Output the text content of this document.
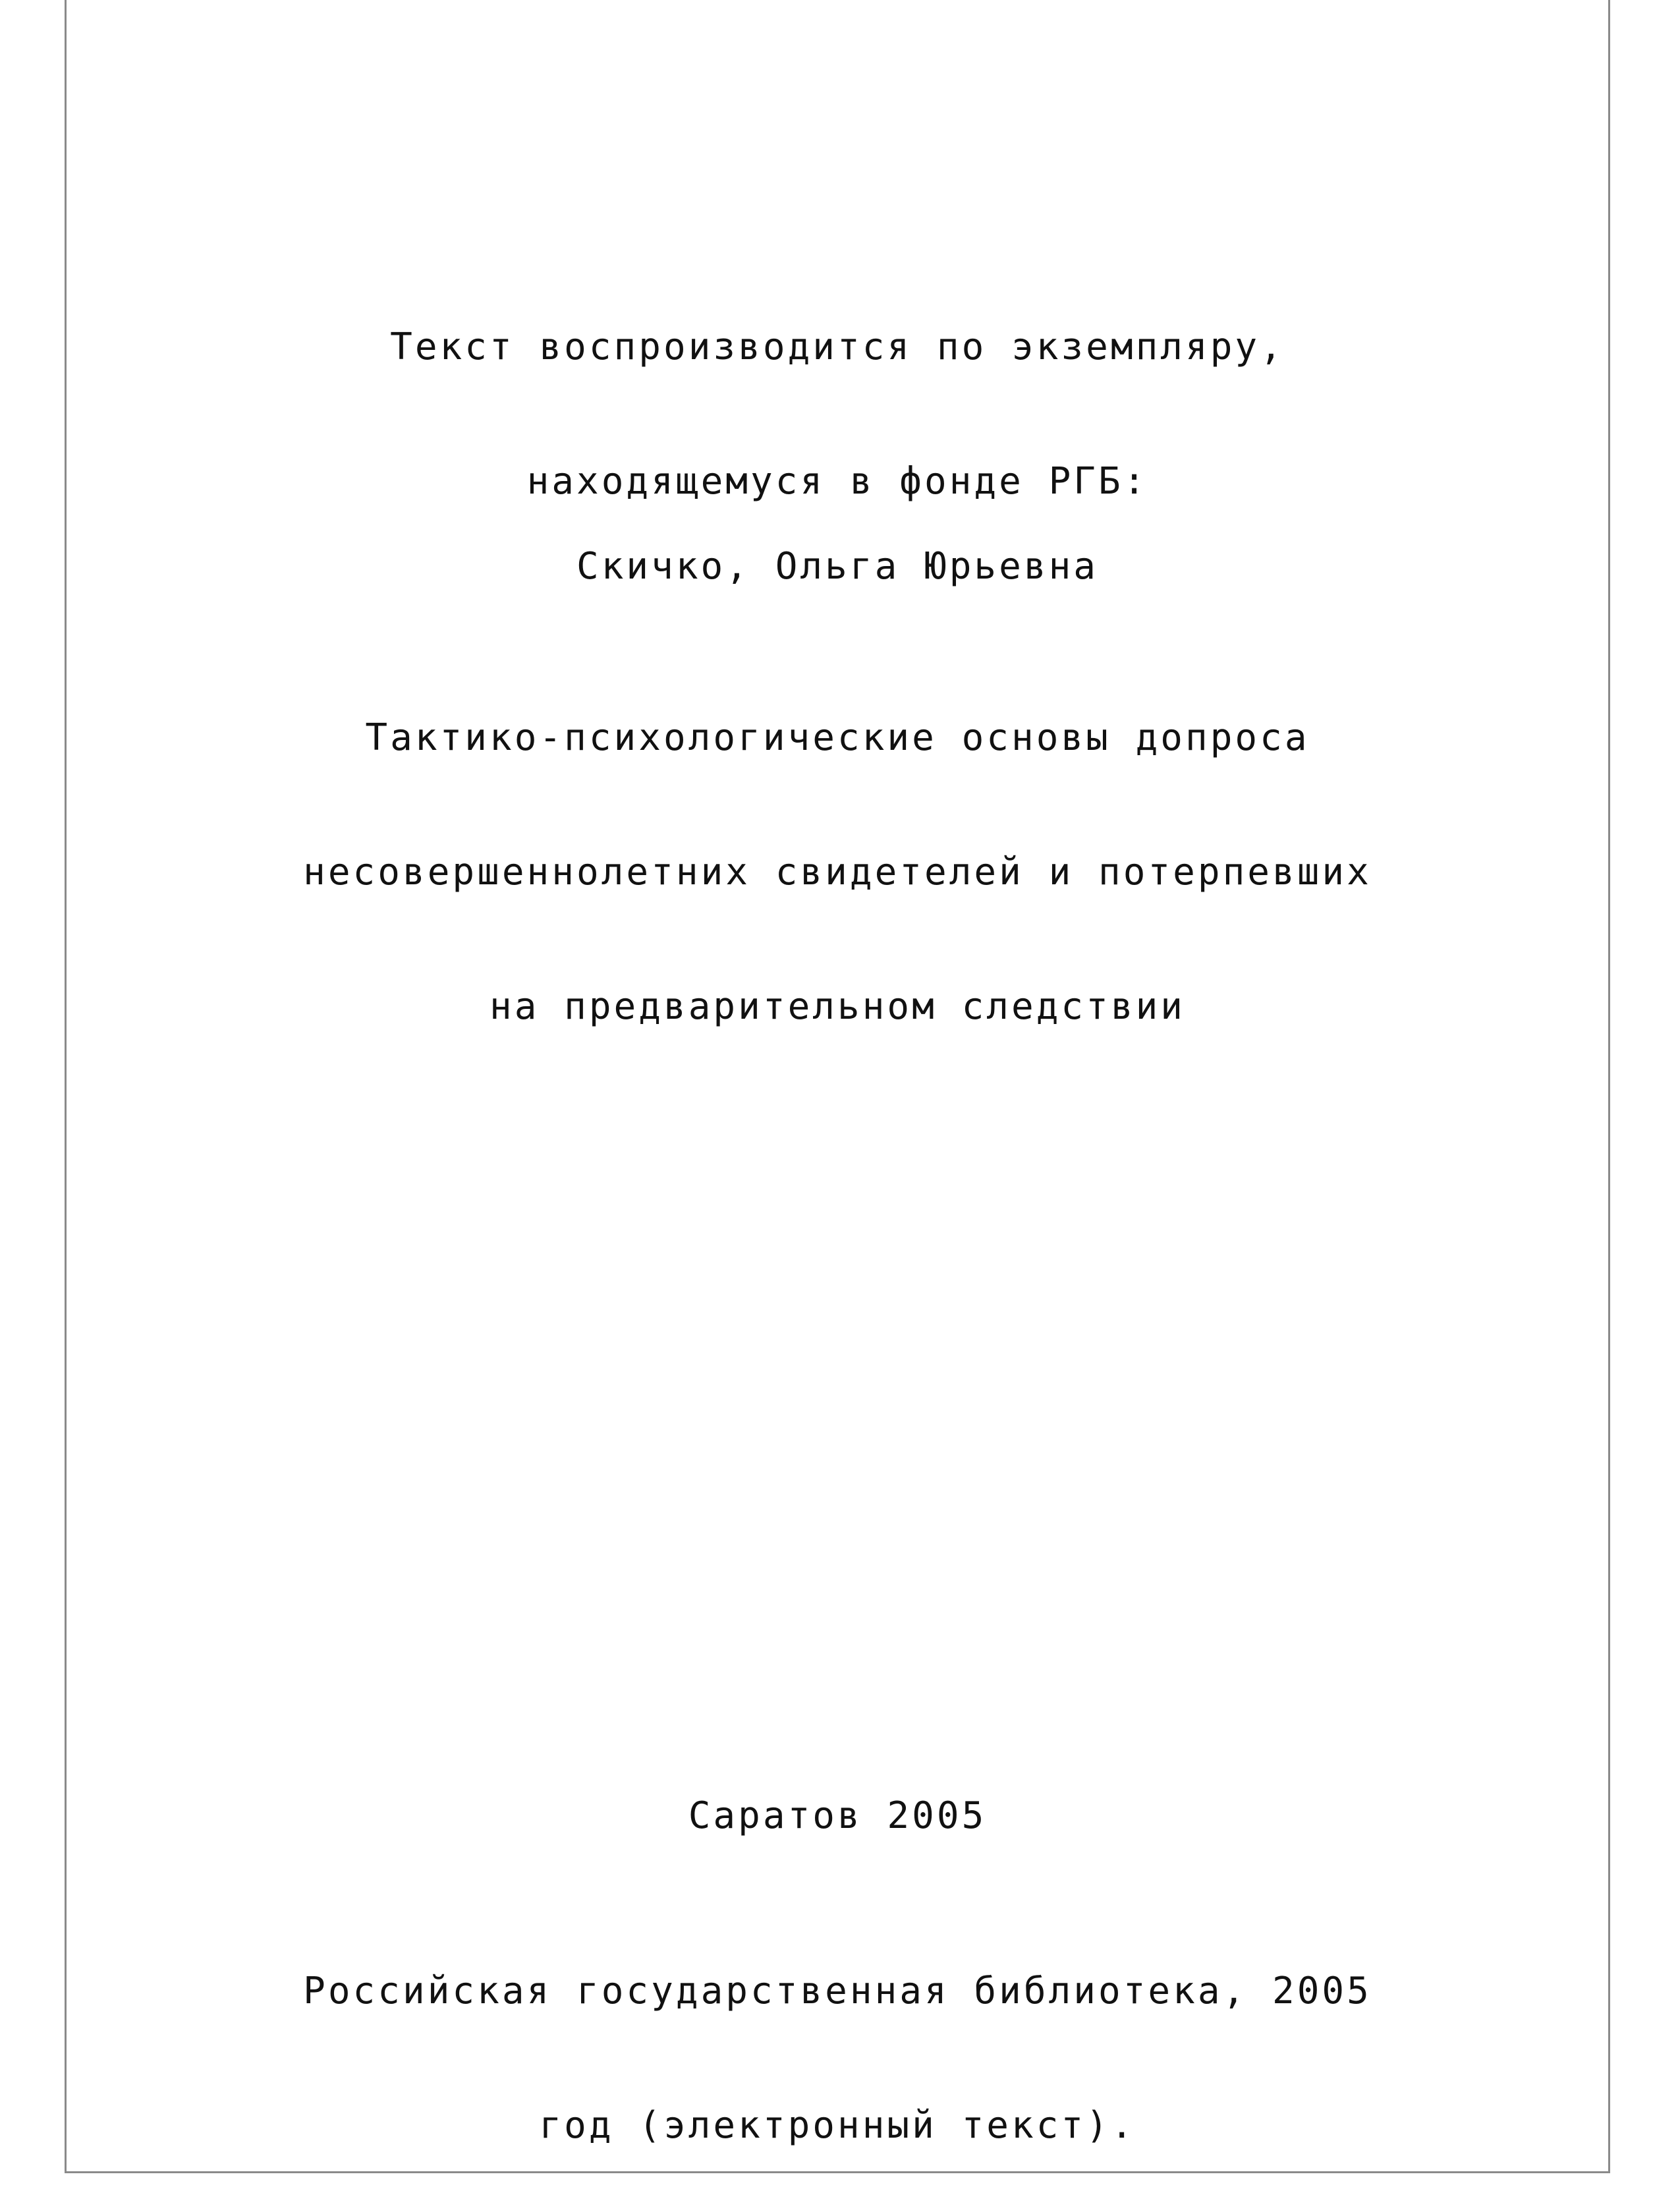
Текст воспроизводится по экземпляру,

находящемуся в фонде РГБ:

Скичко, Ольга Юрьевна

Тактико-психологические основы допроса

несовершеннолетних свидетелей и потерпевших

на предварительном следствии

Саратов 2005

Российская государственная библиотека, 2005

год (электронный текст).
